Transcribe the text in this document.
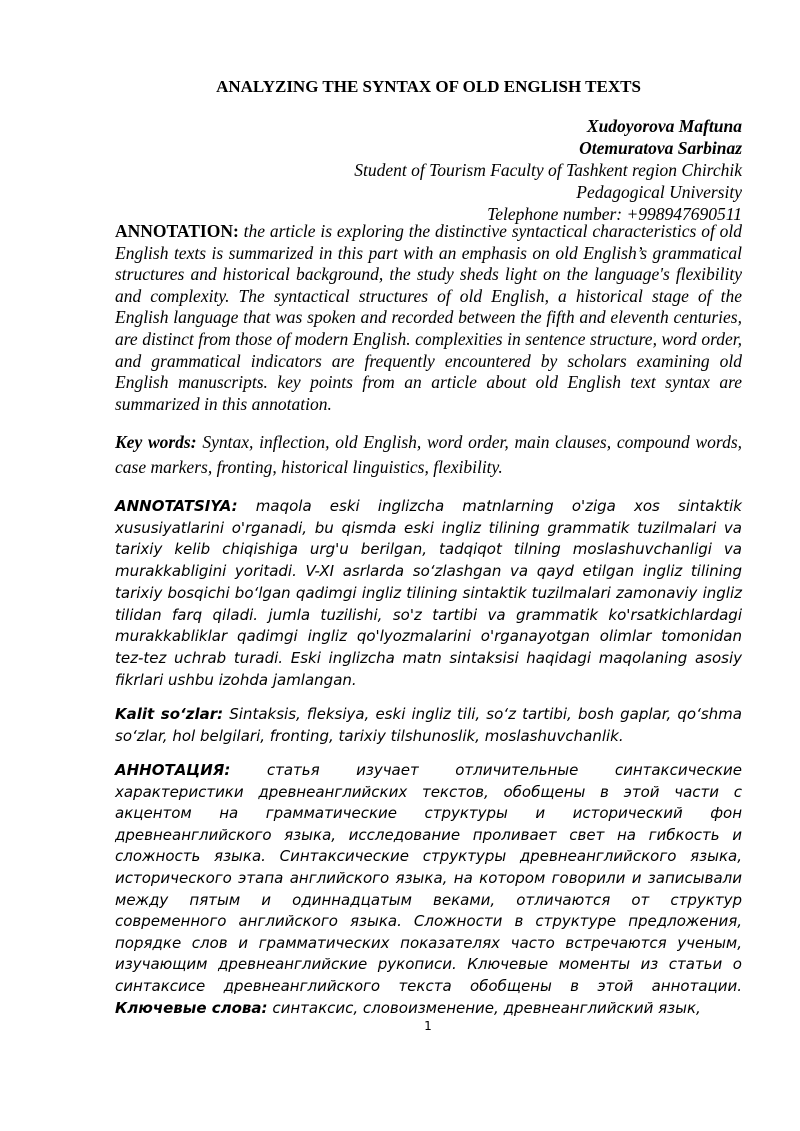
ANALYZING THE SYNTAX OF OLD ENGLISH TEXTS
Xudoyorova Maftuna
Otemuratova Sarbinaz
Student of Tourism Faculty of Tashkent region Chirchik
Pedagogical University
Telephone number: +998947690511

ANNOTATION: the article is exploring the distinctive syntactical characteristics of old English texts is summarized in this part with an emphasis on old English’s grammatical structures and historical background, the study sheds light on the language's flexibility and complexity. The syntactical structures of old English, a historical stage of the English language that was spoken and recorded between the fifth and eleventh centuries, are distinct from those of modern English. complexities in sentence structure, word order, and grammatical indicators are frequently encountered by scholars examining old English manuscripts. key points from an article about old English text syntax are summarized in this annotation.

Key words: Syntax, inflection, old English, word order, main clauses, compound words, case markers, fronting, historical linguistics, flexibility.

ANNOTATSIYA: maqola eski inglizcha matnlarning o'ziga xos sintaktik xususiyatlarini o'rganadi, bu qismda eski ingliz tilining grammatik tuzilmalari va tarixiy kelib chiqishiga urg'u berilgan, tadqiqot tilning moslashuvchanligi va murakkabligini yoritadi. V-XI asrlarda so‘zlashgan va qayd etilgan ingliz tilining tarixiy bosqichi bo‘lgan qadimgi ingliz tilining sintaktik tuzilmalari zamonaviy ingliz tilidan farq qiladi. jumla tuzilishi, so'z tartibi va grammatik ko'rsatkichlardagi murakkabliklar qadimgi ingliz qo'lyozmalarini o'rganayotgan olimlar tomonidan tez-tez uchrab turadi. Eski inglizcha matn sintaksisi haqidagi maqolaning asosiy fikrlari ushbu izohda jamlangan.

Kalit so‘zlar: Sintaksis, fleksiya, eski ingliz tili, so‘z tartibi, bosh gaplar, qo‘shma so‘zlar, hol belgilari, fronting, tarixiy tilshunoslik, moslashuvchanlik.

АННОТАЦИЯ: статья изучает отличительные синтаксические характеристики древнеанглийских текстов, обобщены в этой части с акцентом на грамматические структуры и исторический фон древнеанглийского языка, исследование проливает свет на гибкость и сложность языка. Синтаксические структуры древнеанглийского языка, исторического этапа английского языка, на котором говорили и записывали между пятым и одиннадцатым веками, отличаются от структур современного английского языка. Сложности в структуре предложения, порядке слов и грамматических показателях часто встречаются ученым, изучающим древнеанглийские рукописи. Ключевые моменты из статьи о синтаксисе древнеанглийского текста обобщены в этой аннотации. Ключевые слова: синтаксис, словоизменение, древнеанглийский язык,

1
